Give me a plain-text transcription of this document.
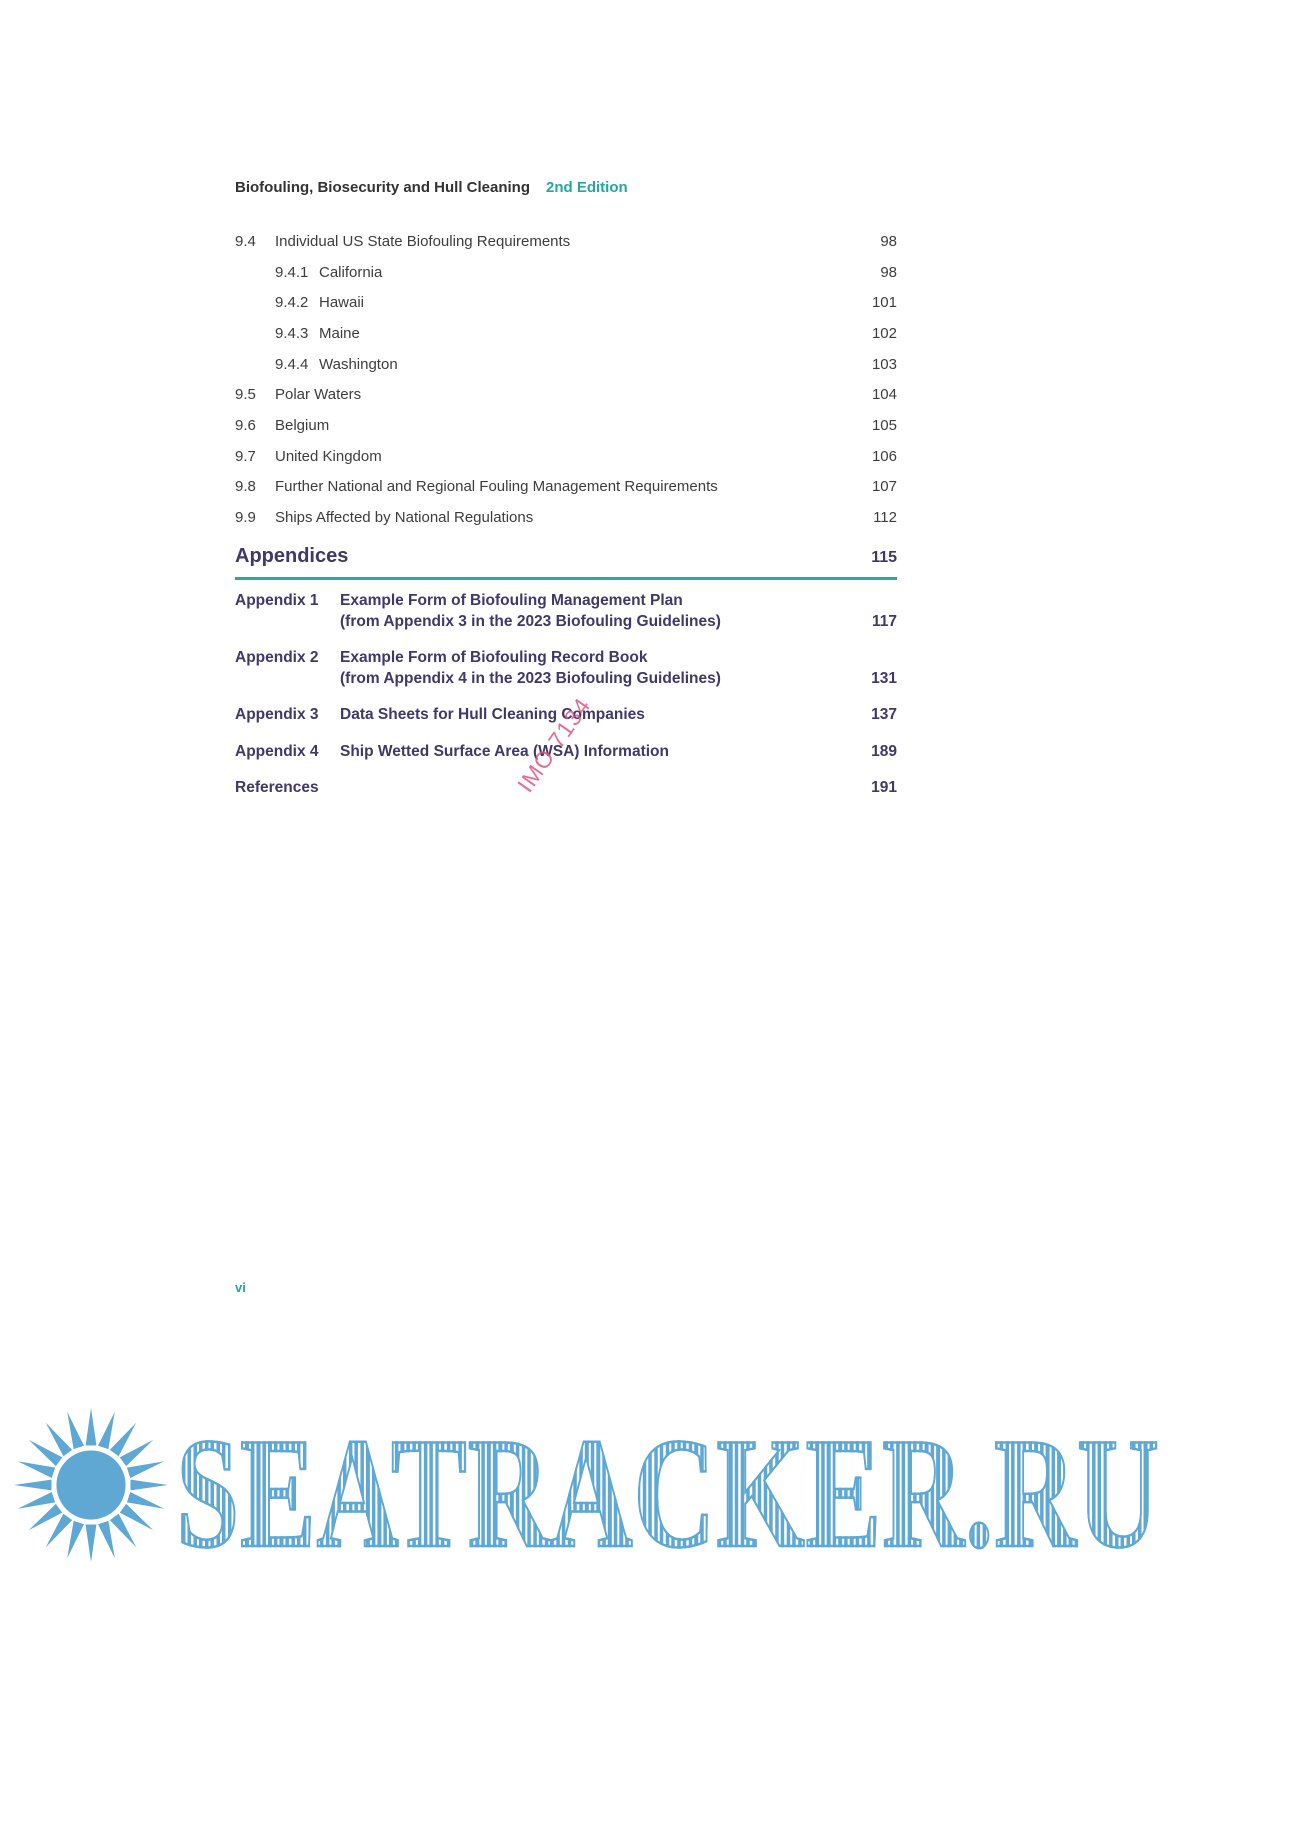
Biofouling, Biosecurity and Hull Cleaning 2nd Edition
9.4	Individual US State Biofouling Requirements	98
9.4.1 California	98
9.4.2 Hawaii	101
9.4.3 Maine	102
9.4.4 Washington	103
9.5	Polar Waters	104
9.6	Belgium	105
9.7	United Kingdom	106
9.8	Further National and Regional Fouling Management Requirements	107
9.9	Ships Affected by National Regulations	112
Appendices	115
Appendix 1	Example Form of Biofouling Management Plan
(from Appendix 3 in the 2023 Biofouling Guidelines)	117
Appendix 2	Example Form of Biofouling Record Book
(from Appendix 4 in the 2023 Biofouling Guidelines)	131
Appendix 3	Data Sheets for Hull Cleaning Companies	137
Appendix 4	Ship Wetted Surface Area (WSA) Information	189
References	191
IMO 7134
vi
SEATRACKER.RU
